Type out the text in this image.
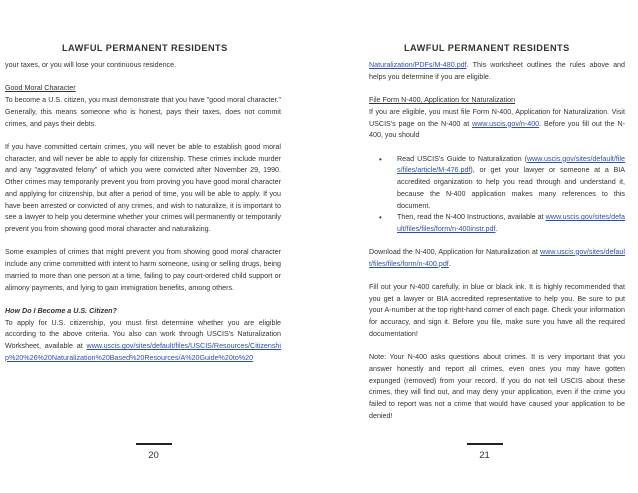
LAWFUL PERMANENT RESIDENTS

your taxes, or you will lose your continuous residence.

Good Moral Character
To become a U.S. citizen, you must demonstrate that you have "good moral character." Generally, this means someone who is honest, pays their taxes, does not commit crimes, and pays their debts.

If you have committed certain crimes, you will never be able to establish good moral character, and will never be able to apply for citizenship. These crimes include murder and any "aggravated felony" of which you were convicted after November 29, 1990. Other crimes may temporarily prevent you from proving you have good moral character and applying for citizenship, but after a period of time, you will be able to apply. If you have been arrested or convicted of any crimes, and wish to naturalize, it is important to see a lawyer to help you determine whether your crimes will permanently or temporarily prevent you from showing good moral character and naturalizing.

Some examples of crimes that might prevent you from showing good moral character include any crime committed with intent to harm someone, using or selling drugs, being married to more than one person at a time, failing to pay court-ordered child support or alimony payments, and lying to gain immigration benefits, among others.

How Do I Become a U.S. Citizen?
To apply for U.S. citizenship, you must first determine whether you are eligible according to the above criteria. You also can work through USCIS's Naturalization Worksheet, available at www.uscis.gov/sites/default/files/USCIS/Resources/Citizenship%20%26%20Naturalization%20Based%20Resources/A%20Guide%20to%20

20
LAWFUL PERMANENT RESIDENTS

Naturalization/PDFs/M-480.pdf. This worksheet outlines the rules above and helps you determine if you are eligible.

File Form N-400, Application for Naturalization
If you are eligible, you must file Form N-400, Application for Naturalization. Visit USCIS's page on the N-400 at www.uscis.gov/n-400. Before you fill out the N-400, you should

• Read USCIS's Guide to Naturalization (www.uscis.gov/sites/default/files/files/article/M-476.pdf), or get your lawyer or someone at a BIA accredited organization to help you read through and understand it, because the N-400 application makes many references to this document.
• Then, read the N-400 Instructions, available at www.uscis.gov/sites/default/files/files/form/n-400instr.pdf.

Download the N-400, Application for Naturalization at www.uscis.gov/sites/default/files/files/form/n-400.pdf.

Fill out your N-400 carefully, in blue or black ink. It is highly recommended that you get a lawyer or BIA accredited representative to help you. Be sure to put your A-number at the top right-hand corner of each page. Check your information for accuracy, and sign it. Before you file, make sure you have all the required documentation!

Note: Your N-400 asks questions about crimes. It is very important that you answer honestly and report all crimes, even ones you may have gotten expunged (removed) from your record. If you do not tell USCIS about these crimes, they will find out, and may deny your application, even if the crime you failed to report was not a crime that would have caused your application to be denied!

21
